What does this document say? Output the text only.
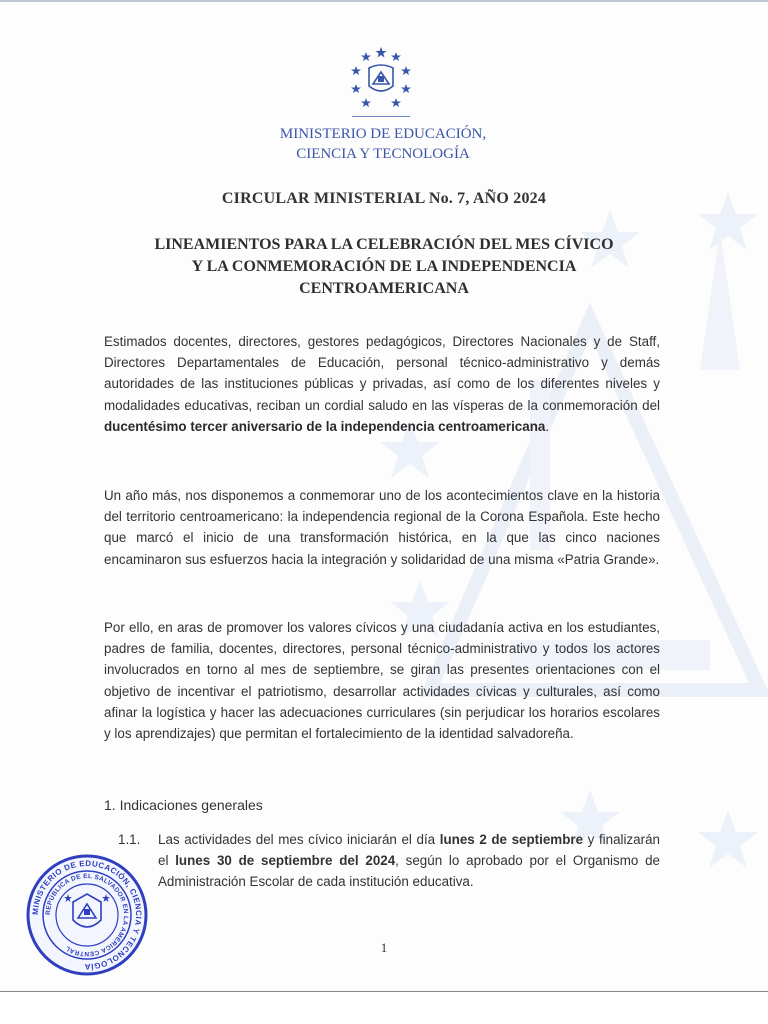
MINISTERIO DE EDUCACIÓN,
CIENCIA Y TECNOLOGÍA
CIRCULAR MINISTERIAL No. 7, AÑO 2024
LINEAMIENTOS PARA LA CELEBRACIÓN DEL MES CÍVICO
Y LA CONMEMORACIÓN DE LA INDEPENDENCIA
CENTROAMERICANA
Estimados docentes, directores, gestores pedagógicos, Directores Nacionales y de Staff, Directores Departamentales de Educación, personal técnico-administrativo y demás autoridades de las instituciones públicas y privadas, así como de los diferentes niveles y modalidades educativas, reciban un cordial saludo en las vísperas de la conmemoración del ducentésimo tercer aniversario de la independencia centroamericana.
Un año más, nos disponemos a conmemorar uno de los acontecimientos clave en la historia del territorio centroamericano: la independencia regional de la Corona Española. Este hecho que marcó el inicio de una transformación histórica, en la que las cinco naciones encaminaron sus esfuerzos hacia la integración y solidaridad de una misma «Patria Grande».
Por ello, en aras de promover los valores cívicos y una ciudadanía activa en los estudiantes, padres de familia, docentes, directores, personal técnico-administrativo y todos los actores involucrados en torno al mes de septiembre, se giran las presentes orientaciones con el objetivo de incentivar el patriotismo, desarrollar actividades cívicas y culturales, así como afinar la logística y hacer las adecuaciones curriculares (sin perjudicar los horarios escolares y los aprendizajes) que permitan el fortalecimiento de la identidad salvadoreña.
1. Indicaciones generales
1.1.	Las actividades del mes cívico iniciarán el día lunes 2 de septiembre y finalizarán el lunes 30 de septiembre del 2024, según lo aprobado por el Organismo de Administración Escolar de cada institución educativa.
MINISTERIO DE EDUCACIÓN, CIENCIA Y TECNOLOGÍA
REPÚBLICA DE EL SALVADOR EN LA AMÉRICA CENTRAL	1
